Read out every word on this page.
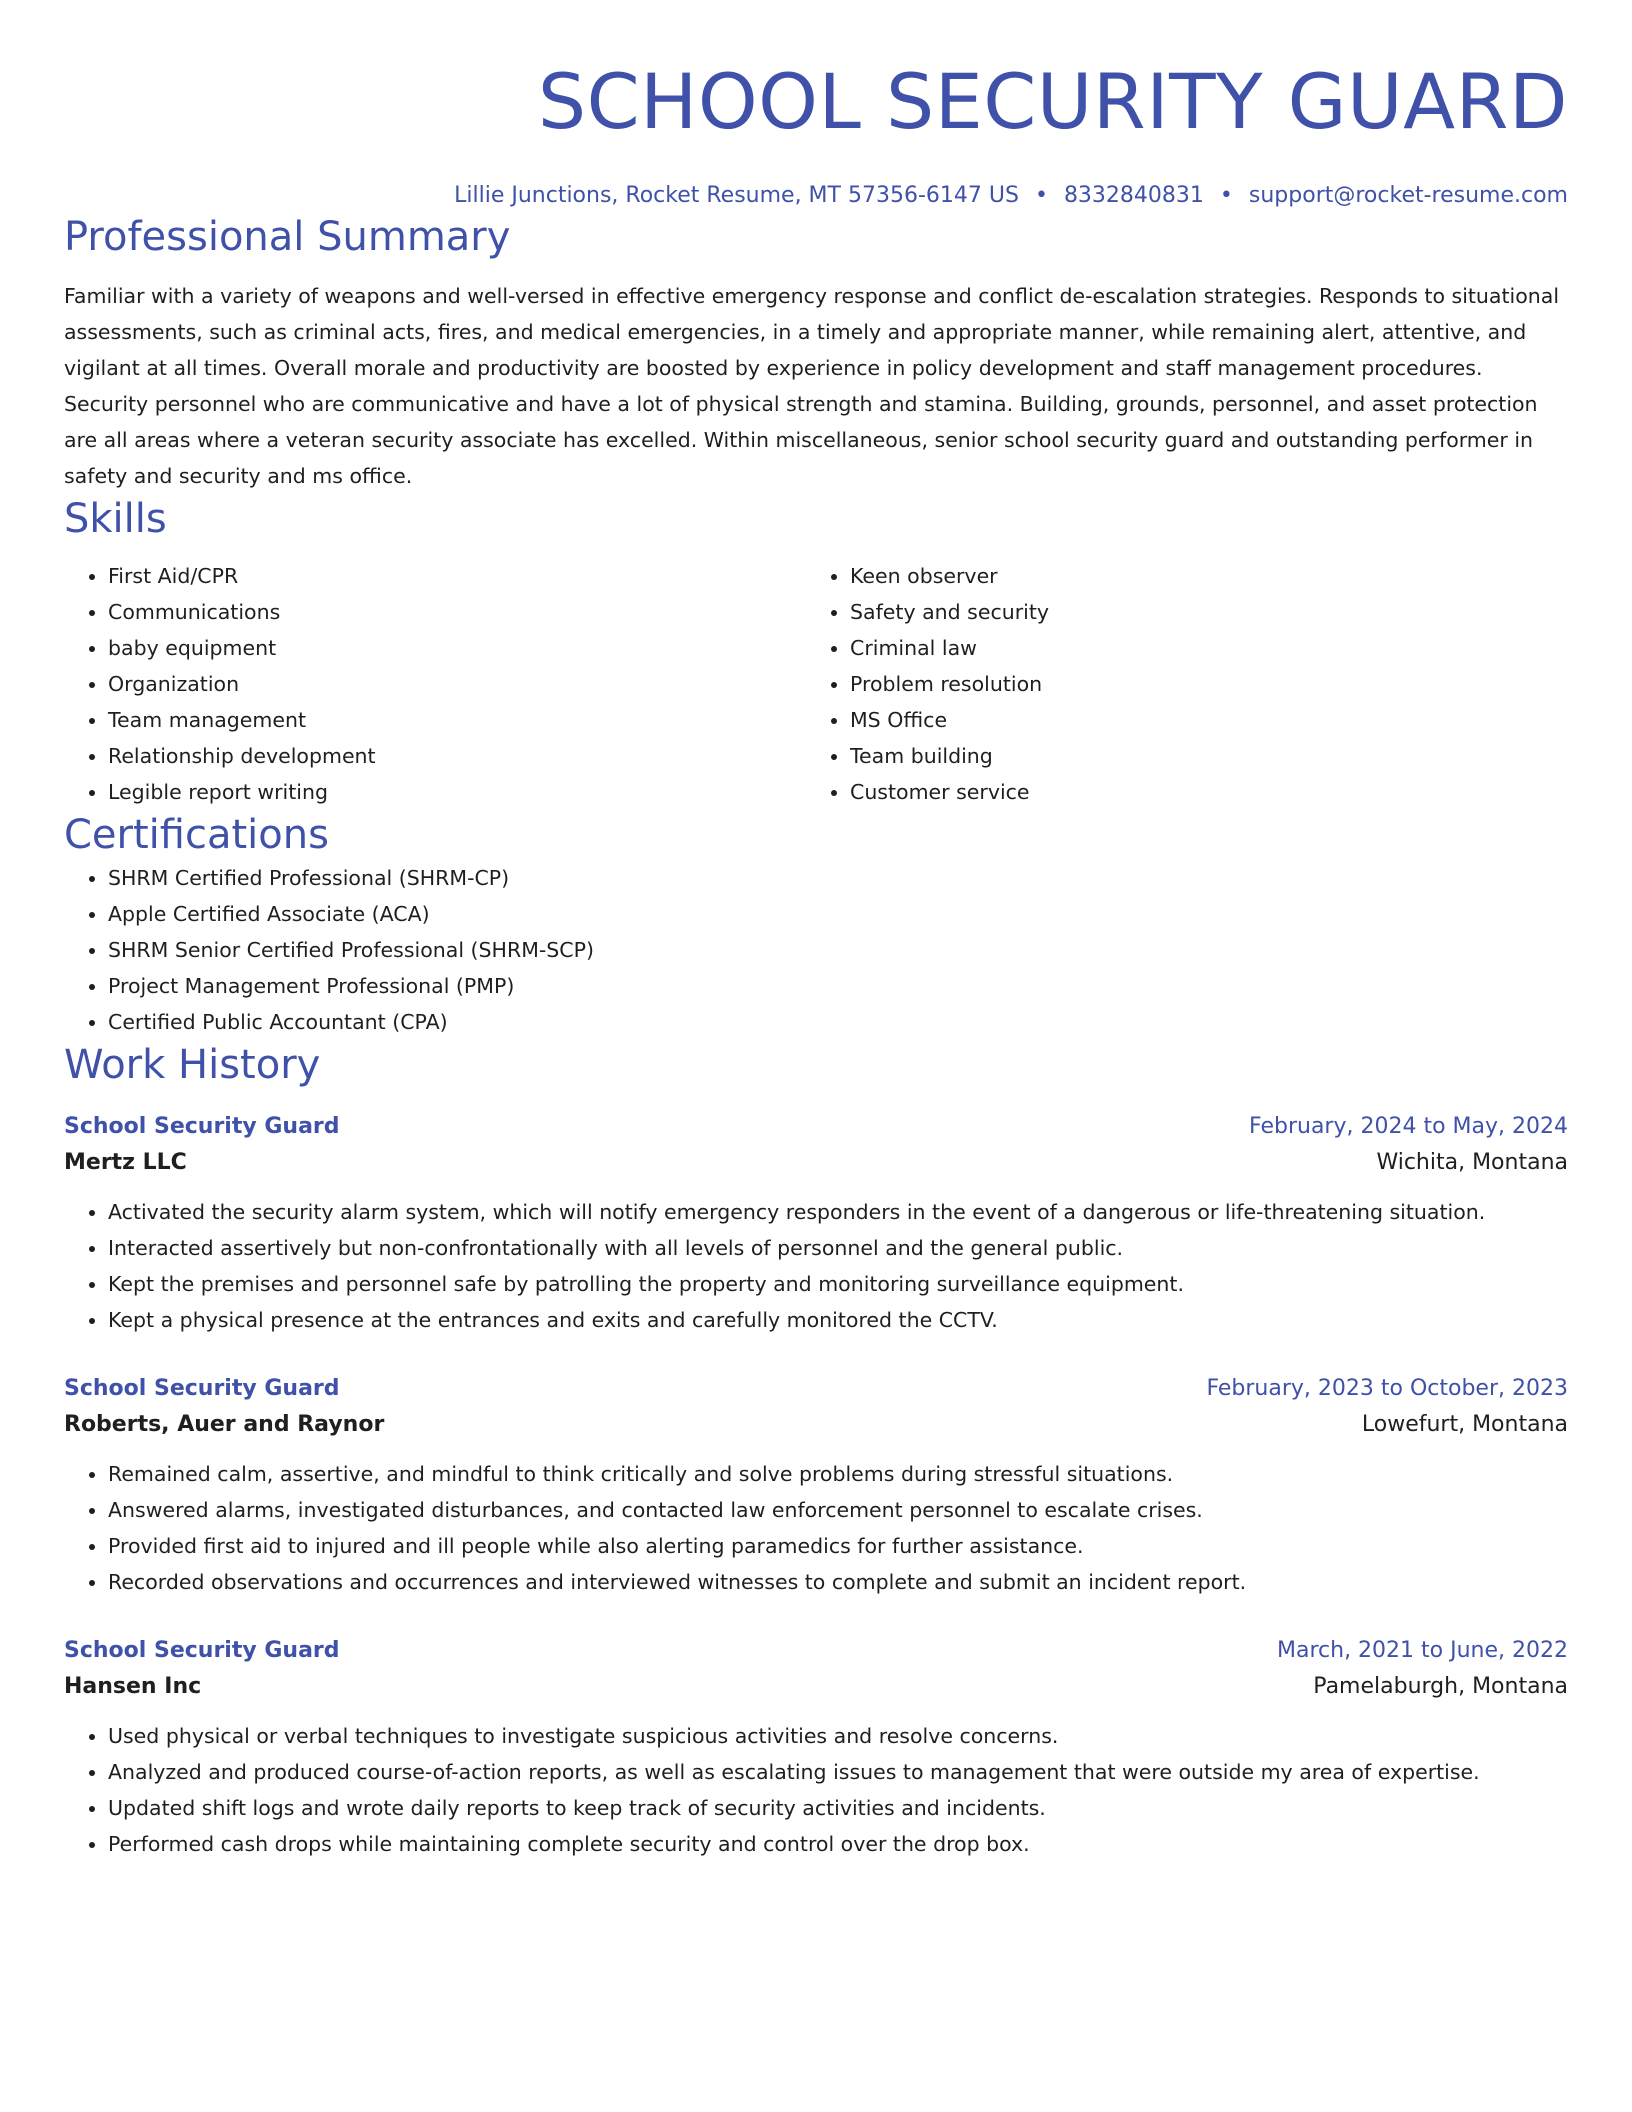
SCHOOL SECURITY GUARD
Lillie Junctions, Rocket Resume, MT 57356-6147 US • 8332840831 • support@rocket-resume.com
Professional Summary
Familiar with a variety of weapons and well-versed in effective emergency response and conflict de-escalation strategies. Responds to situational assessments, such as criminal acts, fires, and medical emergencies, in a timely and appropriate manner, while remaining alert, attentive, and vigilant at all times. Overall morale and productivity are boosted by experience in policy development and staff management procedures. Security personnel who are communicative and have a lot of physical strength and stamina. Building, grounds, personnel, and asset protection are all areas where a veteran security associate has excelled. Within miscellaneous, senior school security guard and outstanding performer in safety and security and ms office.
Skills
• First Aid/CPR
• Communications
• baby equipment
• Organization
• Team management
• Relationship development
• Legible report writing
• Keen observer
• Safety and security
• Criminal law
• Problem resolution
• MS Office
• Team building
• Customer service
Certifications
• SHRM Certified Professional (SHRM-CP)
• Apple Certified Associate (ACA)
• SHRM Senior Certified Professional (SHRM-SCP)
• Project Management Professional (PMP)
• Certified Public Accountant (CPA)
Work History
School Security Guard	February, 2024 to May, 2024
Mertz LLC	Wichita, Montana
• Activated the security alarm system, which will notify emergency responders in the event of a dangerous or life-threatening situation.
• Interacted assertively but non-confrontationally with all levels of personnel and the general public.
• Kept the premises and personnel safe by patrolling the property and monitoring surveillance equipment.
• Kept a physical presence at the entrances and exits and carefully monitored the CCTV.
School Security Guard	February, 2023 to October, 2023
Roberts, Auer and Raynor	Lowefurt, Montana
• Remained calm, assertive, and mindful to think critically and solve problems during stressful situations.
• Answered alarms, investigated disturbances, and contacted law enforcement personnel to escalate crises.
• Provided first aid to injured and ill people while also alerting paramedics for further assistance.
• Recorded observations and occurrences and interviewed witnesses to complete and submit an incident report.
School Security Guard	March, 2021 to June, 2022
Hansen Inc	Pamelaburgh, Montana
• Used physical or verbal techniques to investigate suspicious activities and resolve concerns.
• Analyzed and produced course-of-action reports, as well as escalating issues to management that were outside my area of expertise.
• Updated shift logs and wrote daily reports to keep track of security activities and incidents.
• Performed cash drops while maintaining complete security and control over the drop box.
